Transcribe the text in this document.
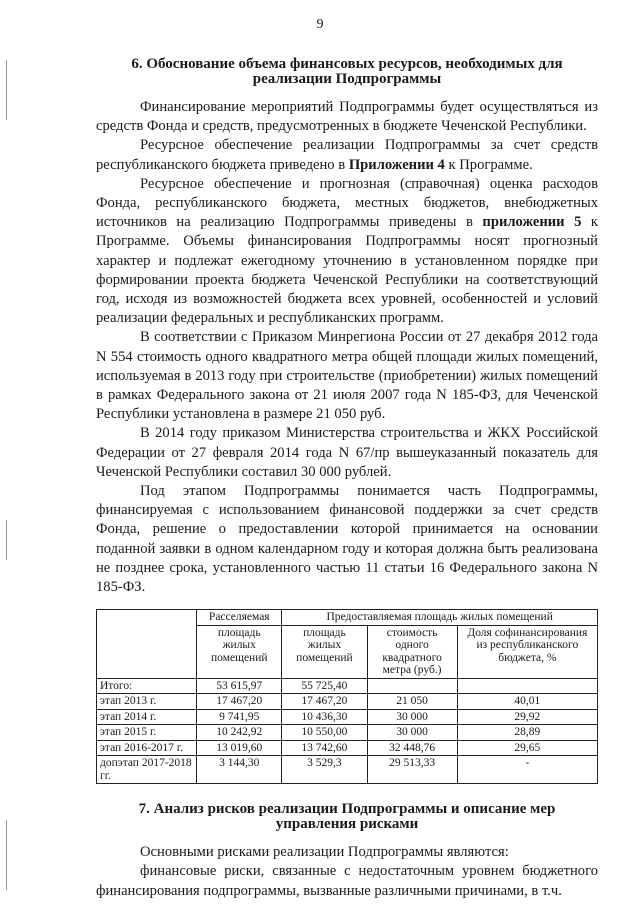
9
6. Обоснование объема финансовых ресурсов, необходимых для
реализации Подпрограммы

Финансирование мероприятий Подпрограммы будет осуществляться из средств Фонда и средств, предусмотренных в бюджете Чеченской Республики.

Ресурсное обеспечение реализации Подпрограммы за счет средств республиканского бюджета приведено в Приложении 4 к Программе.

Ресурсное обеспечение и прогнозная (справочная) оценка расходов Фонда, республиканского бюджета, местных бюджетов, внебюджетных источников на реализацию Подпрограммы приведены в приложении 5 к Программе. Объемы финансирования Подпрограммы носят прогнозный характер и подлежат ежегодному уточнению в установленном порядке при формировании проекта бюджета Чеченской Республики на соответствующий год, исходя из возможностей бюджета всех уровней, особенностей и условий реализации федеральных и республиканских программ.

В соответствии с Приказом Минрегиона России от 27 декабря 2012 года N 554 стоимость одного квадратного метра общей площади жилых помещений, используемая в 2013 году при строительстве (приобретении) жилых помещений в рамках Федерального закона от 21 июля 2007 года N 185-ФЗ, для Чеченской Республики установлена в размере 21 050 руб.

В 2014 году приказом Министерства строительства и ЖКХ Российской Федерации от 27 февраля 2014 года N 67/пр вышеуказанный показатель для Чеченской Республики составил 30 000 рублей.

Под этапом Подпрограммы понимается часть Подпрограммы, финансируемая с использованием финансовой поддержки за счет средств Фонда, решение о предоставлении которой принимается на основании поданной заявки в одном календарном году и которая должна быть реализована не позднее срока, установленного частью 11 статьи 16 Федерального закона N 185-ФЗ.

	Расселяемая	Предоставляемая площадь жилых помещений		
	площадь жилых помещений	площадь жилых помещений	стоимость одного квадратного метра (руб.)	Доля софинансирования из республиканского бюджета, %
Итого:	53 615,97	55 725,40		
этап 2013 г.	17 467,20	17 467,20	21 050	40,01
этап 2014 г.	9 741,95	10 436,30	30 000	29,92
этап 2015 г.	10 242,92	10 550,00	30 000	28,89
этап 2016-2017 г.	13 019,60	13 742,60	32 448,76	29,65
допэтап 2017-2018 гг.	3 144,30	3 529,3	29 513,33	-
7. Анализ рисков реализации Подпрограммы и описание мер
управления рисками

Основными рисками реализации Подпрограммы являются:

финансовые риски, связанные с недостаточным уровнем бюджетного финансирования подпрограммы, вызванные различными причинами, в т.ч.
